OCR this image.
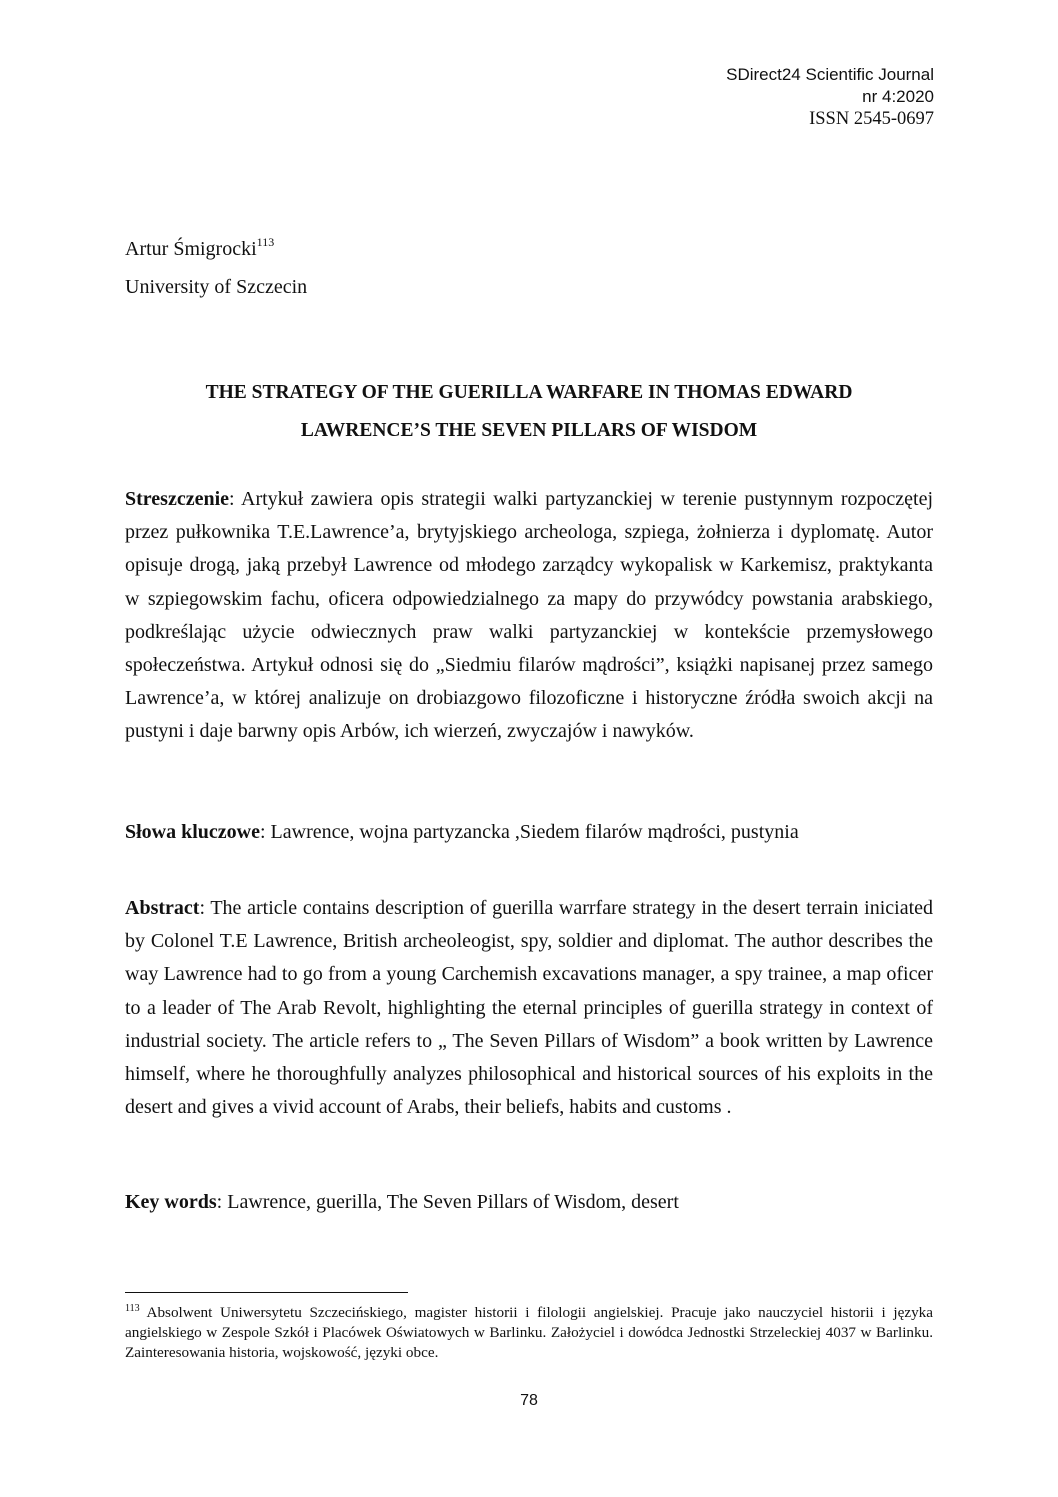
SDirect24 Scientific Journal
nr 4:2020
ISSN 2545-0697
Artur Śmigrocki$^{113}$
University of Szczecin
THE STRATEGY OF THE GUERILLA WARFARE IN THOMAS EDWARD
LAWRENCE’S THE SEVEN PILLARS OF WISDOM
Streszczenie: Artykuł zawiera opis strategii walki partyzanckiej w terenie pustynnym rozpoczętej przez pułkownika T.E.Lawrence’a, brytyjskiego archeologa, szpiega, żołnierza i dyplomatę. Autor opisuje drogą, jaką przebył Lawrence od młodego zarządcy wykopalisk w Karkemisz, praktykanta w szpiegowskim fachu, oficera odpowiedzialnego za mapy do przywódcy powstania arabskiego, podkreślając użycie odwiecznych praw walki partyzanckiej w kontekście przemysłowego społeczeństwa. Artykuł odnosi się do „Siedmiu filarów mądrości”, książki napisanej przez samego Lawrence’a, w której analizuje on drobiazgowo filozoficzne i historyczne źródła swoich akcji na pustyni i daje barwny opis Arbów, ich wierzeń, zwyczajów i nawyków.
Słowa kluczowe: Lawrence, wojna partyzancka ,Siedem filarów mądrości, pustynia
Abstract: The article contains description of guerilla warrfare strategy in the desert terrain iniciated by Colonel T.E Lawrence, British archeoleogist, spy, soldier and diplomat. The author describes the way Lawrence had to go from a young Carchemish excavations manager, a spy trainee, a map oficer to a leader of The Arab Revolt, highlighting the eternal principles of guerilla strategy in context of industrial society. The article refers to „ The Seven Pillars of Wisdom” a book written by Lawrence himself, where he thoroughfully analyzes philosophical and historical sources of his exploits in the desert and gives a vivid account of Arabs, their beliefs, habits and customs .
Key words: Lawrence, guerilla, The Seven Pillars of Wisdom, desert
$^{113}$ Absolwent Uniwersytetu Szczecińskiego, magister historii i filologii angielskiej. Pracuje jako nauczyciel historii i języka angielskiego w Zespole Szkół i Placówek Oświatowych w Barlinku. Założyciel i dowódca Jednostki Strzeleckiej 4037 w Barlinku. Zainteresowania historia, wojskowość, języki obce.
78
